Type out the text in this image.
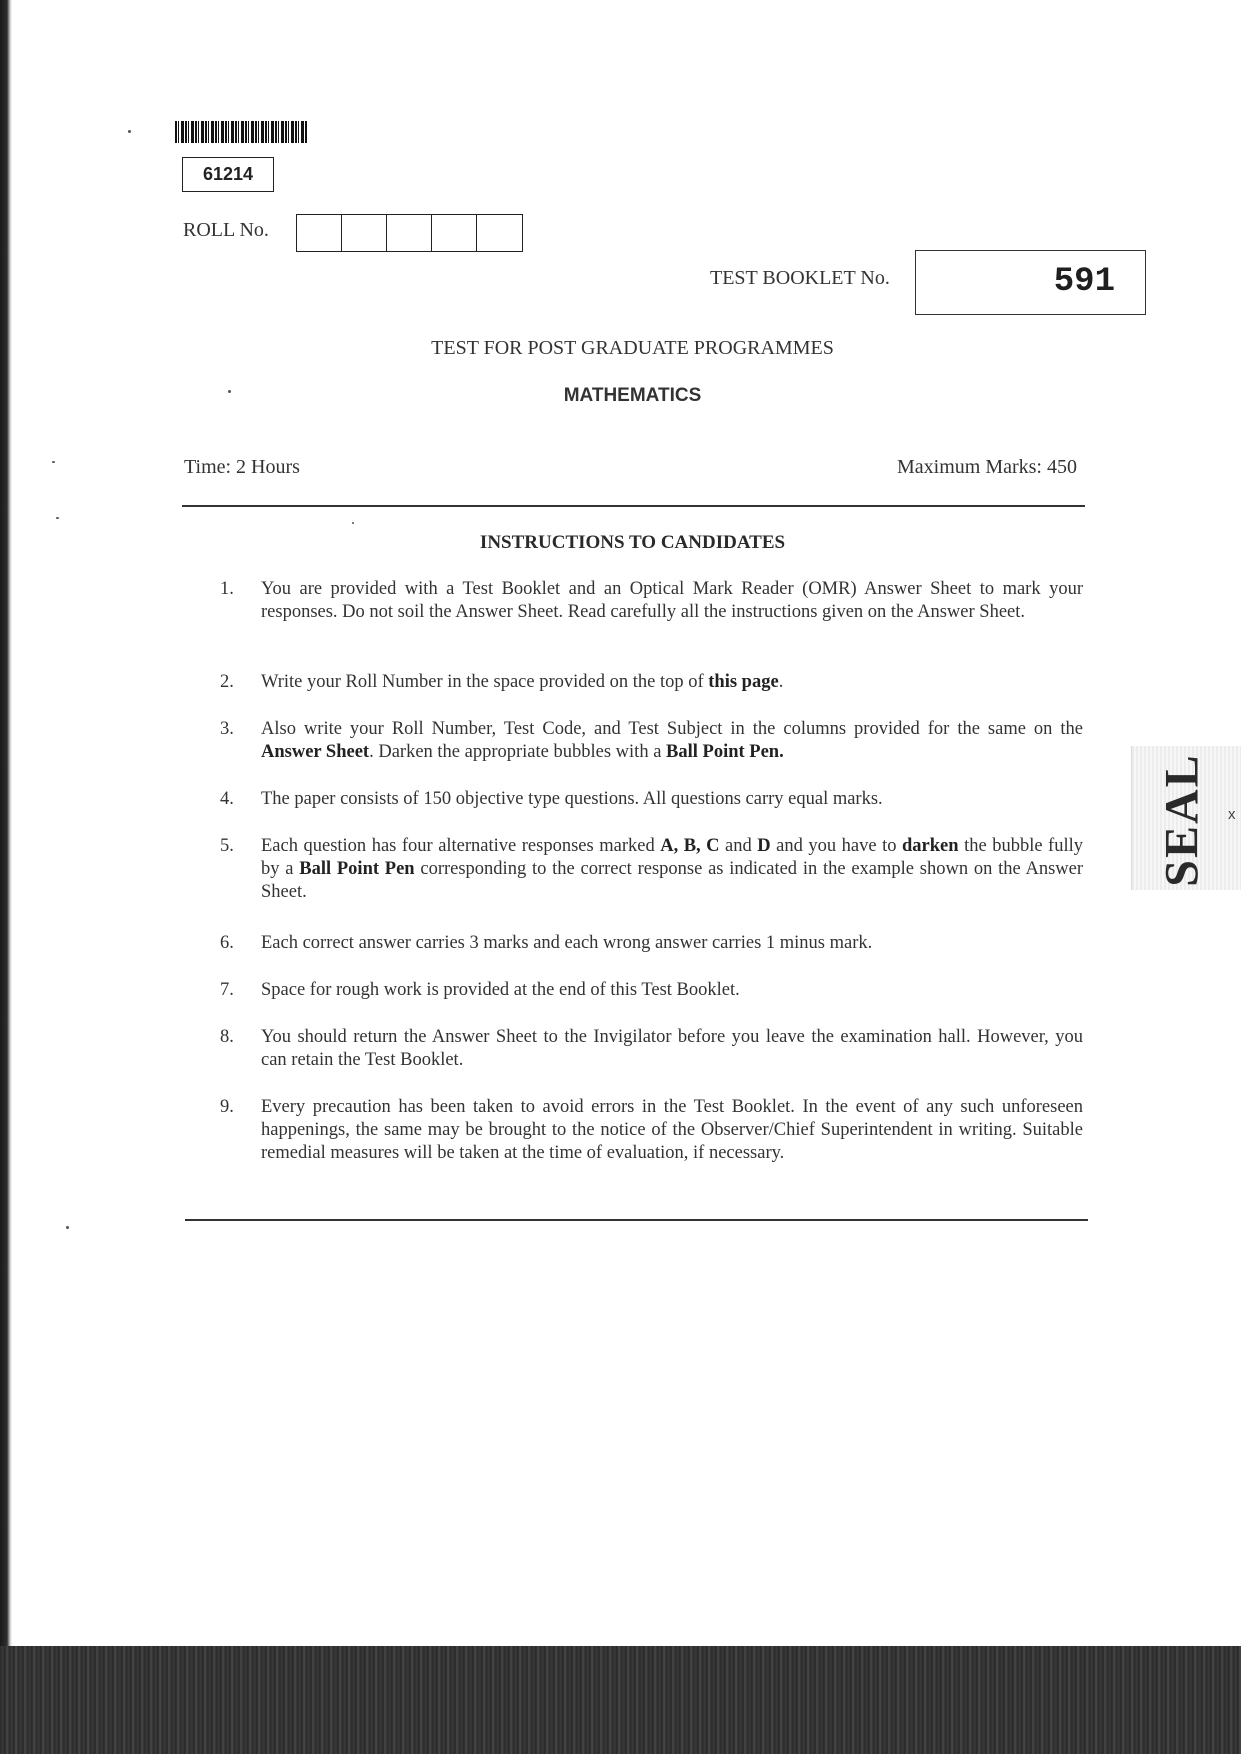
61214
ROLL No.
TEST BOOKLET No.	591
TEST FOR POST GRADUATE PROGRAMMES
MATHEMATICS
Time: 2 Hours	Maximum Marks: 450
INSTRUCTIONS TO CANDIDATES
1.	You are provided with a Test Booklet and an Optical Mark Reader (OMR) Answer Sheet to mark your responses. Do not soil the Answer Sheet. Read carefully all the instructions given on the Answer Sheet.
2.	Write your Roll Number in the space provided on the top of this page.
3.	Also write your Roll Number, Test Code, and Test Subject in the columns provided for the same on the Answer Sheet. Darken the appropriate bubbles with a Ball Point Pen.
4.	The paper consists of 150 objective type questions. All questions carry equal marks.
5.	Each question has four alternative responses marked A, B, C and D and you have to darken the bubble fully by a Ball Point Pen corresponding to the correct response as indicated in the example shown on the Answer Sheet.
6.	Each correct answer carries 3 marks and each wrong answer carries 1 minus mark.
7.	Space for rough work is provided at the end of this Test Booklet.
8.	You should return the Answer Sheet to the Invigilator before you leave the examination hall. However, you can retain the Test Booklet.
9.	Every precaution has been taken to avoid errors in the Test Booklet. In the event of any such unforeseen happenings, the same may be brought to the notice of the Observer/Chief Superintendent in writing. Suitable remedial measures will be taken at the time of evaluation, if necessary.
SEAL x
